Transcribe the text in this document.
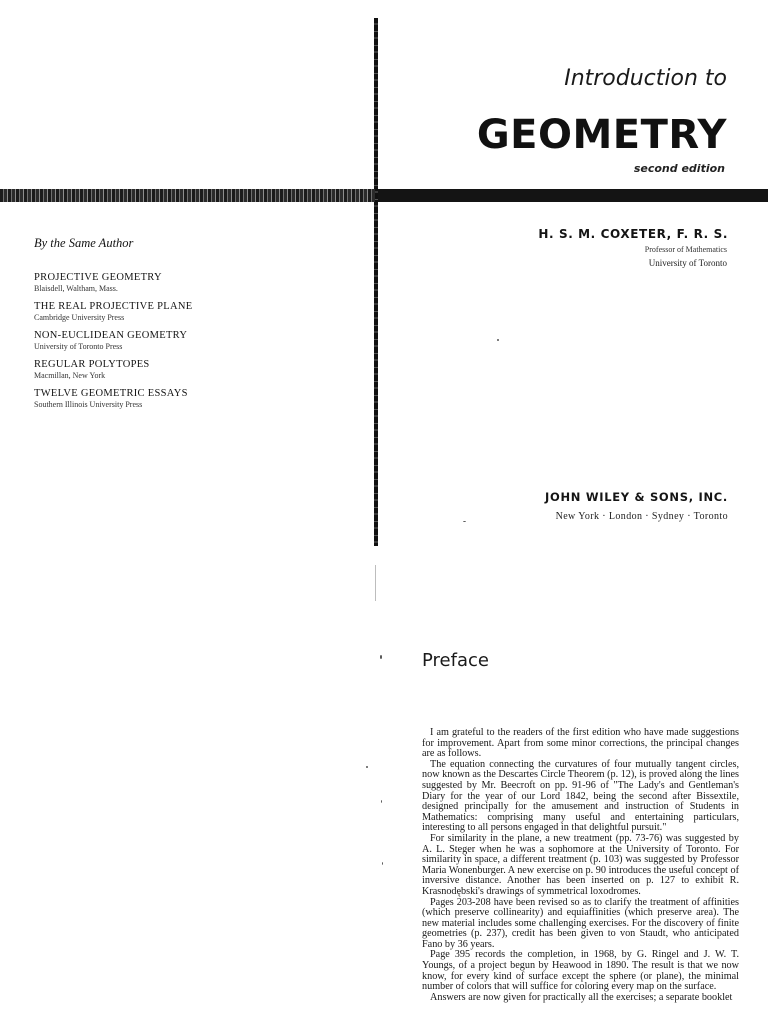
Introduction to
GEOMETRY
second edition
H. S. M. COXETER, F. R. S.
Professor of Mathematics
University of Toronto
By the Same Author
PROJECTIVE GEOMETRY
Blaisdell, Waltham, Mass.
THE REAL PROJECTIVE PLANE
Cambridge University Press
NON-EUCLIDEAN GEOMETRY
University of Toronto Press
REGULAR POLYTOPES
Macmillan, New York
TWELVE GEOMETRIC ESSAYS
Southern Illinois University Press
JOHN WILEY & SONS, INC.
New York · London · Sydney · Toronto
Preface

I am grateful to the readers of the first edition who have made suggestions for improvement. Apart from some minor corrections, the principal changes are as follows.

The equation connecting the curvatures of four mutually tangent circles, now known as the Descartes Circle Theorem (p. 12), is proved along the lines suggested by Mr. Beecroft on pp. 91-96 of "The Lady's and Gentleman's Diary for the year of our Lord 1842, being the second after Bissextile, designed principally for the amusement and instruction of Students in Mathematics: comprising many useful and entertaining particulars, interesting to all persons engaged in that delightful pursuit."

For similarity in the plane, a new treatment (pp. 73-76) was suggested by A. L. Steger when he was a sophomore at the University of Toronto. For similarity in space, a different treatment (p. 103) was suggested by Professor Maria Wonenburger. A new exercise on p. 90 introduces the useful concept of inversive distance. Another has been inserted on p. 127 to exhibit R. Krasnodębski's drawings of symmetrical loxodromes.

Pages 203-208 have been revised so as to clarify the treatment of affinities (which preserve collinearity) and equiaffinities (which preserve area). The new material includes some challenging exercises. For the discovery of finite geometries (p. 237), credit has been given to von Staudt, who anticipated Fano by 36 years.

Page 395 records the completion, in 1968, by G. Ringel and J. W. T. Youngs, of a project begun by Heawood in 1890. The result is that we now know, for every kind of surface except the sphere (or plane), the minimal number of colors that will suffice for coloring every map on the surface.

Answers are now given for practically all the exercises; a separate booklet
